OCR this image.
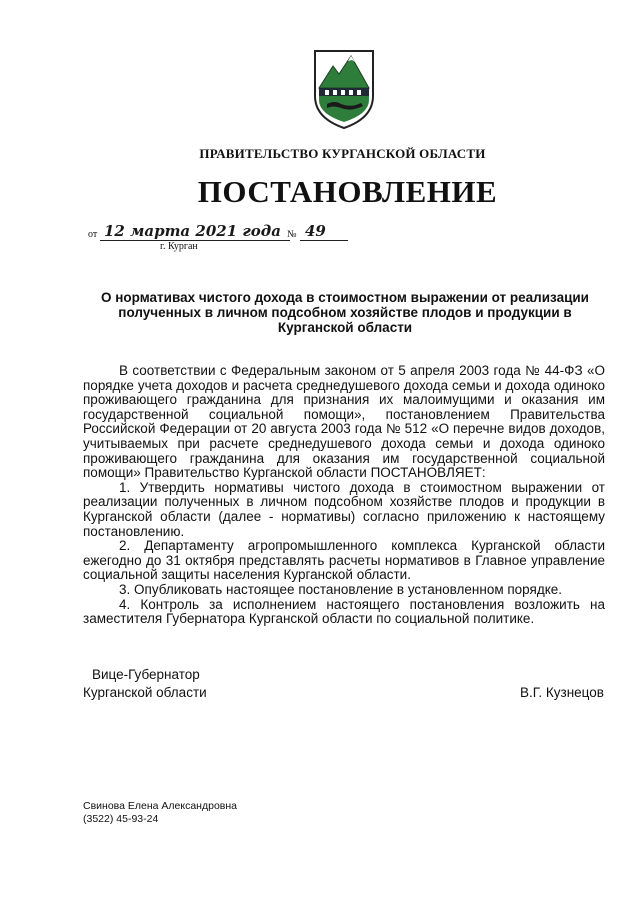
ПРАВИТЕЛЬСТВО КУРГАНСКОЙ ОБЛАСТИ
ПОСТАНОВЛЕНИЕ
от 12 марта 2021 года № 49
г. Курган
О нормативах чистого дохода в стоимостном выражении от реализации полученных в личном подсобном хозяйстве плодов и продукции в Курганской области

В соответствии с Федеральным законом от 5 апреля 2003 года № 44-ФЗ «О порядке учета доходов и расчета среднедушевого дохода семьи и дохода одиноко проживающего гражданина для признания их малоимущими и оказания им государственной социальной помощи», постановлением Правительства Российской Федерации от 20 августа 2003 года № 512 «О перечне видов доходов, учитываемых при расчете среднедушевого дохода семьи и дохода одиноко проживающего гражданина для оказания им государственной социальной помощи» Правительство Курганской области ПОСТАНОВЛЯЕТ:

1. Утвердить нормативы чистого дохода в стоимостном выражении от реализации полученных в личном подсобном хозяйстве плодов и продукции в Курганской области (далее - нормативы) согласно приложению к настоящему постановлению.

2. Департаменту агропромышленного комплекса Курганской области ежегодно до 31 октября представлять расчеты нормативов в Главное управление социальной защиты населения Курганской области.

3. Опубликовать настоящее постановление в установленном порядке.

4. Контроль за исполнением настоящего постановления возложить на заместителя Губернатора Курганской области по социальной политике.

Вице-Губернатор
Курганской области	В.Г. Кузнецов
Свинова Елена Александровна
(3522) 45-93-24
